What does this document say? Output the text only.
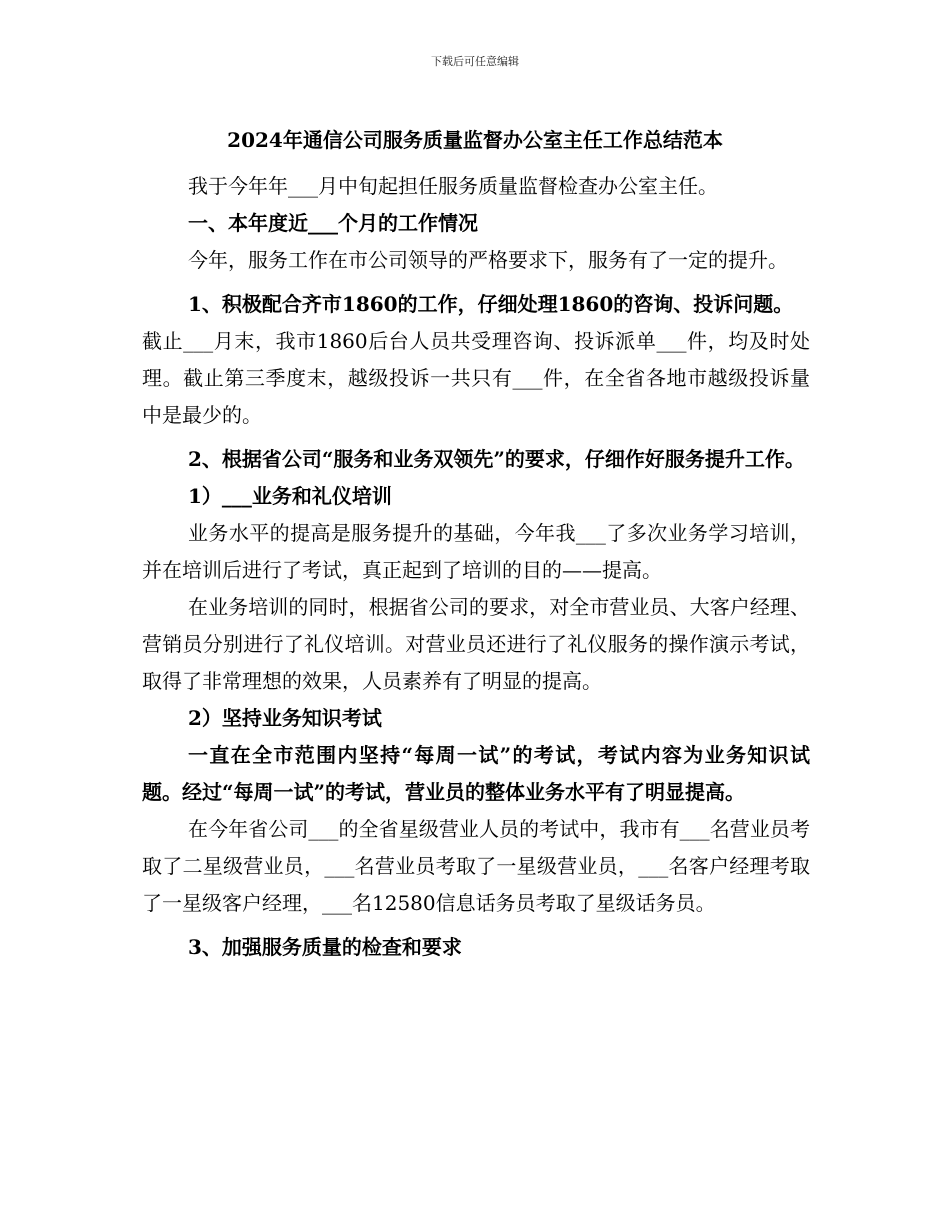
下载后可任意编辑
2024年通信公司服务质量监督办公室主任工作总结范本

我于今年年___月中旬起担任服务质量监督检查办公室主任。

一、本年度近___个月的工作情况

今年，服务工作在市公司领导的严格要求下，服务有了一定的提升。

1、积极配合齐市1860的工作，仔细处理1860的咨询、投诉问题。

截止___月末，我市1860后台人员共受理咨询、投诉派单___件，均及时处理。截止第三季度末，越级投诉一共只有___件，在全省各地市越级投诉量中是最少的。

2、根据省公司“服务和业务双领先”的要求，仔细作好服务提升工作。

1）___业务和礼仪培训

业务水平的提高是服务提升的基础，今年我___了多次业务学习培训，并在培训后进行了考试，真正起到了培训的目的——提高。

在业务培训的同时，根据省公司的要求，对全市营业员、大客户经理、营销员分别进行了礼仪培训。对营业员还进行了礼仪服务的操作演示考试，取得了非常理想的效果，人员素养有了明显的提高。

2）坚持业务知识考试

一直在全市范围内坚持“每周一试”的考试，考试内容为业务知识试题。经过“每周一试”的考试，营业员的整体业务水平有了明显提高。

在今年省公司___的全省星级营业人员的考试中，我市有___名营业员考取了二星级营业员，___名营业员考取了一星级营业员，___名客户经理考取了一星级客户经理，___名12580信息话务员考取了星级话务员。

3、加强服务质量的检查和要求
